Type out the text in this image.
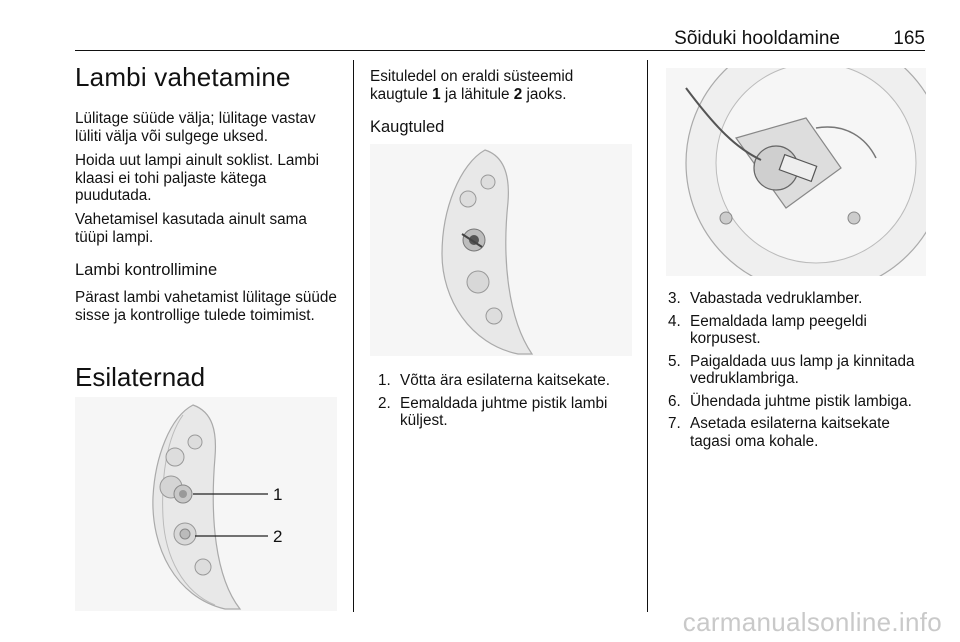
Sõiduki hooldamine	165
Lambi vahetamine

Lülitage süüde välja; lülitage vastav lüliti välja või sulgege uksed.

Hoida uut lampi ainult soklist. Lambi klaasi ei tohi paljaste kätega puudutada.

Vahetamisel kasutada ainult sama tüüpi lampi.

Lambi kontrollimine

Pärast lambi vahetamist lülitage süüde sisse ja kontrollige tulede toimimist.

Esilaternad
1
2

Esituledel on eraldi süsteemid kaugtule 1 ja lähitule 2 jaoks.

Kaugtuled
1. Võtta ära esilaterna kaitsekate.
2. Eemaldada juhtme pistik lambi küljest.
3. Vabastada vedruklamber.
4. Eemaldada lamp peegeldi korpusest.
5. Paigaldada uus lamp ja kinnitada vedruklambriga.
6. Ühendada juhtme pistik lambiga.
7. Asetada esilaterna kaitsekate tagasi oma kohale.
carmanualsonline.info
